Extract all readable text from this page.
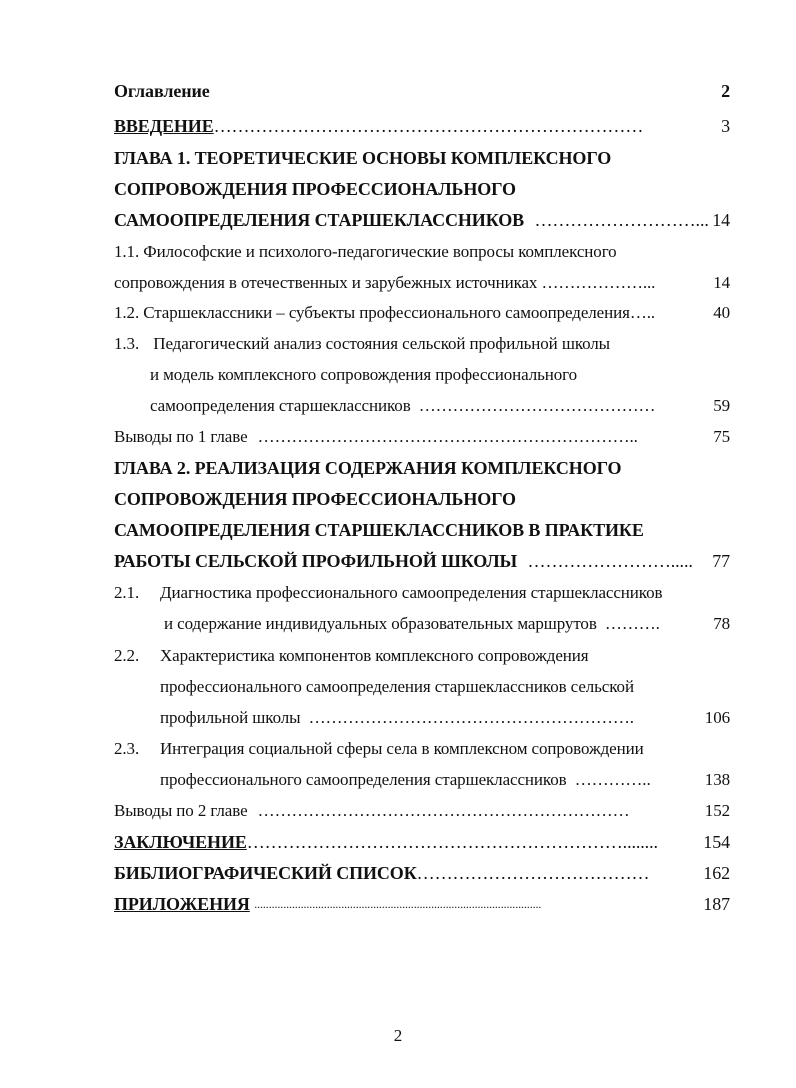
Оглавление	2
ВВЕДЕНИЕ………………………………………………………………	3
ГЛАВА 1. ТЕОРЕТИЧЕСКИЕ ОСНОВЫ КОМПЛЕКСНОГО
СОПРОВОЖДЕНИЯ ПРОФЕССИОНАЛЬНОГО
САМООПРЕДЕЛЕНИЯ СТАРШЕКЛАССНИКОВ ………………………... 14
1.1. Философские и психолого-педагогические вопросы комплексного
сопровождения в отечественных и зарубежных источниках ………………...	14
1.2. Старшеклассники – субъекты профессионального самоопределения…..	40
1.3. Педагогический анализ состояния сельской профильной школы
и модель комплексного сопровождения профессионального
самоопределения старшеклассников ……………………………………	59
Выводы по 1 главе …………………………………………………………..	75
ГЛАВА 2. РЕАЛИЗАЦИЯ СОДЕРЖАНИЯ КОМПЛЕКСНОГО
СОПРОВОЖДЕНИЯ ПРОФЕССИОНАЛЬНОГО
САМООПРЕДЕЛЕНИЯ СТАРШЕКЛАССНИКОВ В ПРАКТИКЕ
РАБОТЫ СЕЛЬСКОЙ ПРОФИЛЬНОЙ ШКОЛЫ ……………………..... 77
2.1. Диагностика профессионального самоопределения старшеклассников
и содержание индивидуальных образовательных маршрутов ……….	78
2.2. Характеристика компонентов комплексного сопровождения
профессионального самоопределения старшеклассников сельской
профильной школы ………………………………………………….	106
2.3. Интеграция социальной сферы села в комплексном сопровождении
профессионального самоопределения старшеклассников …………..	138
Выводы по 2 главе …………………………………………………………	152
ЗАКЛЮЧЕНИЕ………………………………………………………........	154
БИБЛИОГРАФИЧЕСКИЙ СПИСОК…………………………………	162
ПРИЛОЖЕНИЯ ...................................................................................................	187
2
